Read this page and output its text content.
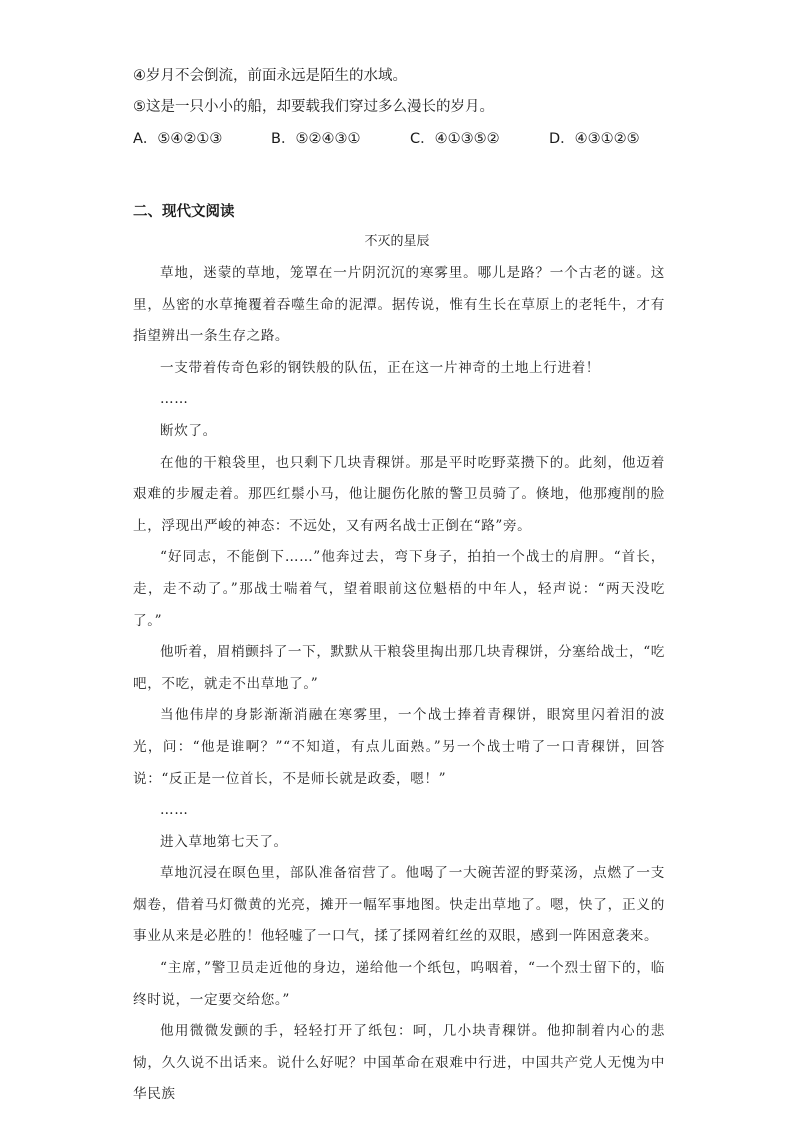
④岁月不会倒流，前面永远是陌生的水域。
⑤这是一只小小的船，却要载我们穿过多么漫长的岁月。
A．⑤④②①③	B．⑤②④③①	C．④①③⑤②	D．④③①②⑤
二、现代文阅读
不灭的星辰

草地，迷蒙的草地，笼罩在一片阴沉沉的寒雾里。哪儿是路？一个古老的谜。这里，丛密的水草掩覆着吞噬生命的泥潭。据传说，惟有生长在草原上的老牦牛，才有指望辨出一条生存之路。

一支带着传奇色彩的钢铁般的队伍，正在这一片神奇的土地上行进着！

……

断炊了。

在他的干粮袋里，也只剩下几块青稞饼。那是平时吃野菜攒下的。此刻，他迈着艰难的步履走着。那匹红鬃小马，他让腿伤化脓的警卫员骑了。倏地，他那瘦削的脸上，浮现出严峻的神态：不远处，又有两名战士正倒在“路”旁。

“好同志，不能倒下……”他奔过去，弯下身子，拍拍一个战士的肩胛。“首长，走，走不动了。”那战士喘着气，望着眼前这位魁梧的中年人，轻声说：“两天没吃了。”

他听着，眉梢颤抖了一下，默默从干粮袋里掏出那几块青稞饼，分塞给战士，“吃吧，不吃，就走不出草地了。”

当他伟岸的身影渐渐消融在寒雾里，一个战士捧着青稞饼，眼窝里闪着泪的波光，问：“他是谁啊？”“不知道，有点儿面熟。”另一个战士啃了一口青稞饼，回答说：“反正是一位首长，不是师长就是政委，嗯！”

……

进入草地第七天了。

草地沉浸在暝色里，部队准备宿营了。他喝了一大碗苦涩的野菜汤，点燃了一支烟卷，借着马灯微黄的光亮，摊开一幅军事地图。快走出草地了。嗯，快了，正义的事业从来是必胜的！他轻嘘了一口气，揉了揉网着红丝的双眼，感到一阵困意袭来。

“主席，”警卫员走近他的身边，递给他一个纸包，呜咽着，“一个烈士留下的，临终时说，一定要交给您。”

他用微微发颤的手，轻轻打开了纸包：呵，几小块青稞饼。他抑制着内心的悲恸，久久说不出话来。说什么好呢？中国革命在艰难中行进，中国共产党人无愧为中华民族
